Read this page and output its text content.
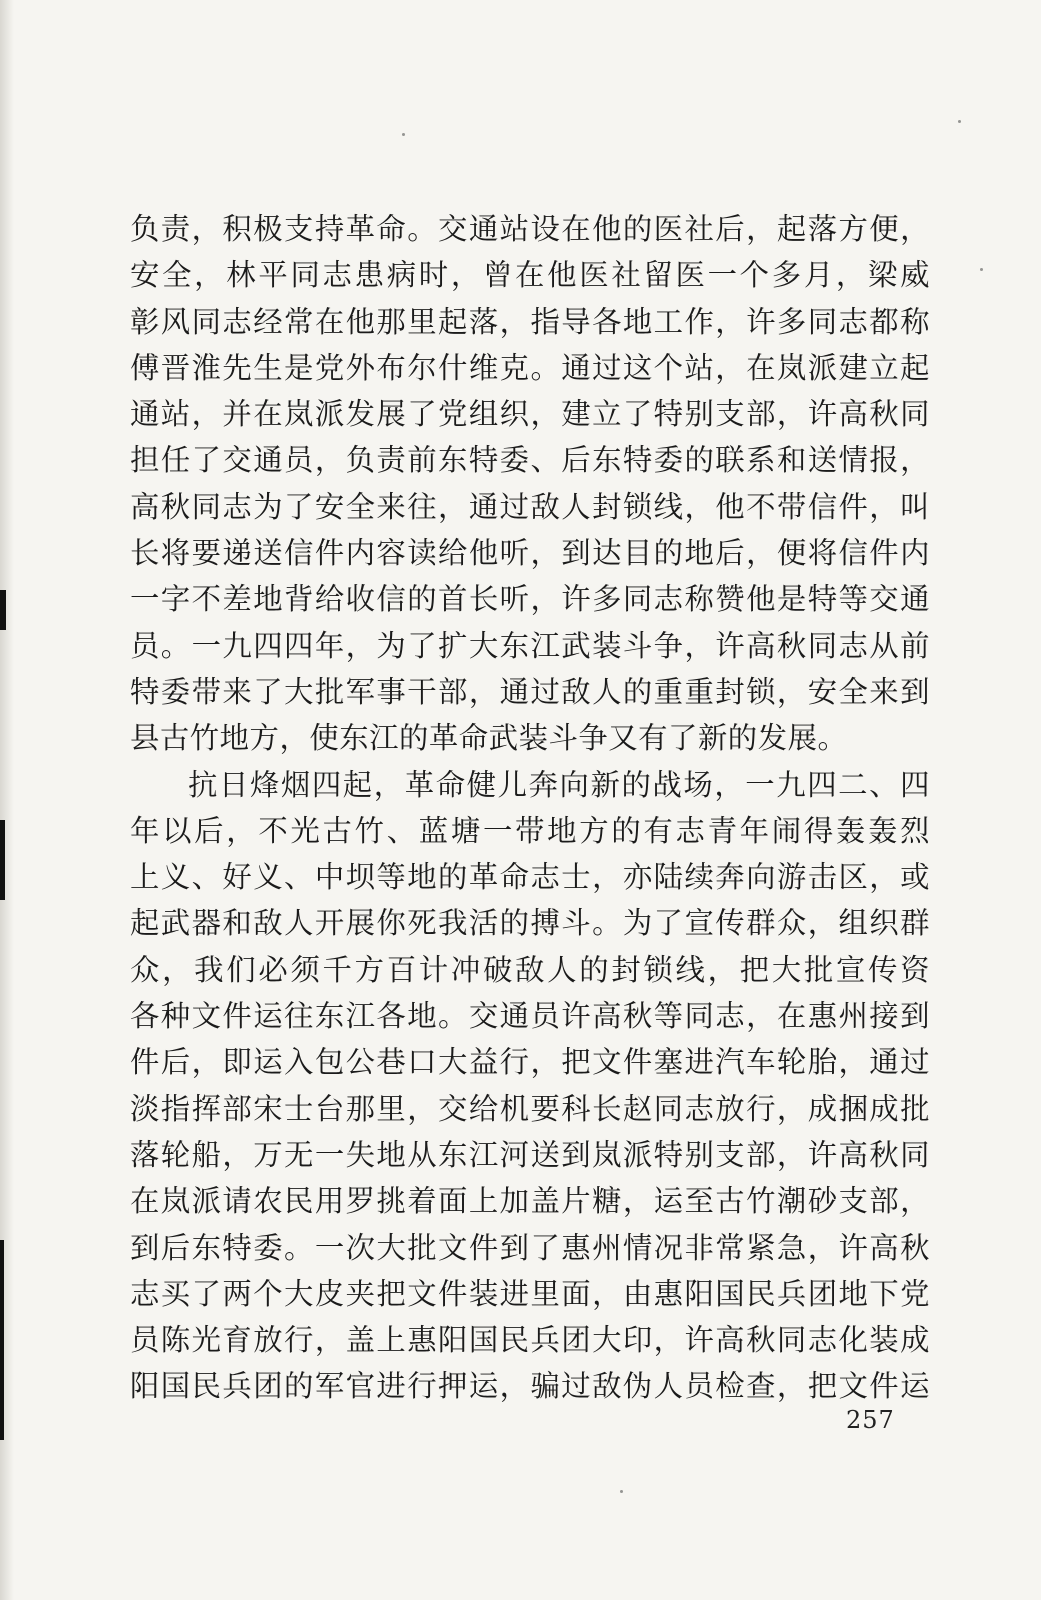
负责，积极支持革命。交通站设在他的医社后，起落方便，
安全，林平同志患病时，曾在他医社留医一个多月，梁威
彰风同志经常在他那里起落，指导各地工作，许多同志都称
傅晋淮先生是党外布尔什维克。通过这个站，在岚派建立起
通站，并在岚派发展了党组织，建立了特别支部，许高秋同
担任了交通员，负责前东特委、后东特委的联系和送情报，
高秋同志为了安全来往，通过敌人封锁线，他不带信件，叫
长将要递送信件内容读给他听，到达目的地后，便将信件内
一字不差地背给收信的首长听，许多同志称赞他是特等交通
员。一九四四年，为了扩大东江武装斗争，许高秋同志从前
特委带来了大批军事干部，通过敌人的重重封锁，安全来到
县古竹地方，使东江的革命武装斗争又有了新的发展。

抗日烽烟四起，革命健儿奔向新的战场，一九四二、四
年以后，不光古竹、蓝塘一带地方的有志青年闹得轰轰烈
上义、好义、中坝等地的革命志士，亦陆续奔向游击区，或
起武器和敌人开展你死我活的搏斗。为了宣传群众，组织群
众，我们必须千方百计冲破敌人的封锁线，把大批宣传资
各种文件运往东江各地。交通员许高秋等同志，在惠州接到
件后，即运入包公巷口大益行，把文件塞进汽车轮胎，通过
淡指挥部宋士台那里，交给机要科长赵同志放行，成捆成批
落轮船，万无一失地从东江河送到岚派特别支部，许高秋同
在岚派请农民用罗挑着面上加盖片糖，运至古竹潮砂支部，
到后东特委。一次大批文件到了惠州情况非常紧急，许高秋
志买了两个大皮夹把文件装进里面，由惠阳国民兵团地下党
员陈光育放行，盖上惠阳国民兵团大印，许高秋同志化装成
阳国民兵团的军官进行押运，骗过敌伪人员检查，把文件运

257
